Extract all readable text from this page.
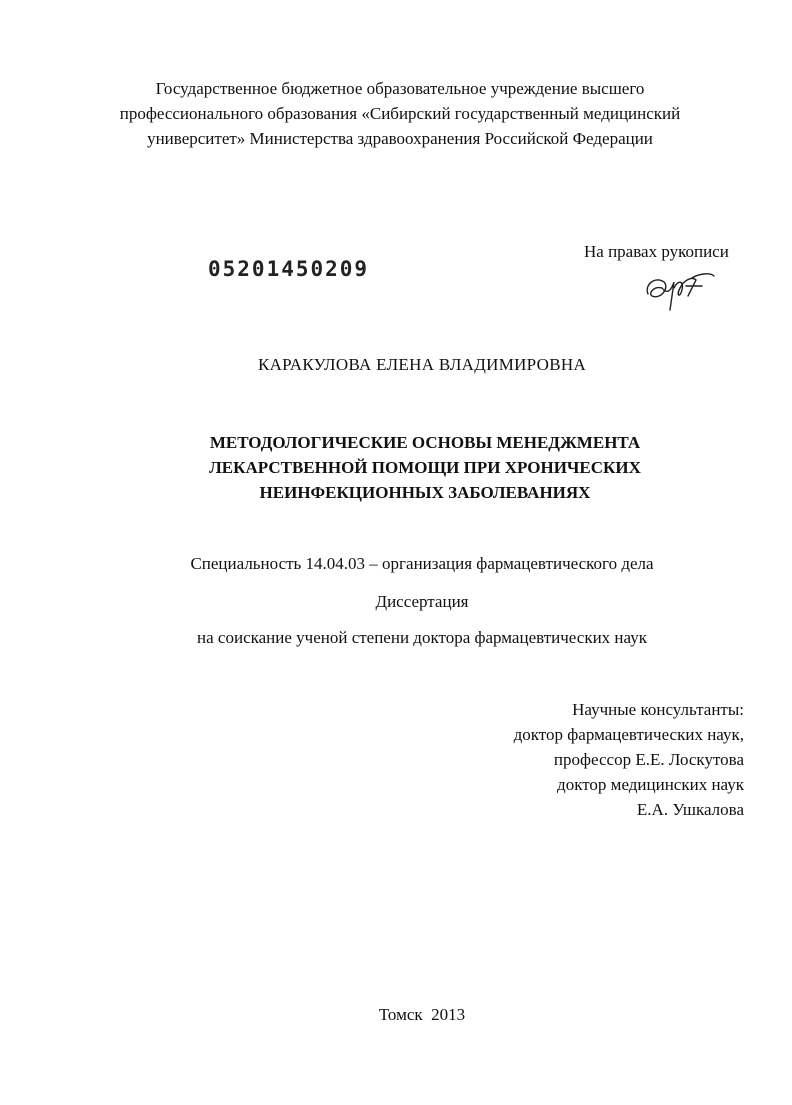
Государственное бюджетное образовательное учреждение высшего
профессионального образования «Сибирский государственный медицинский
университет» Министерства здравоохранения Российской Федерации
05201450209
На правах рукописи
КАРАКУЛОВА ЕЛЕНА ВЛАДИМИРОВНА
МЕТОДОЛОГИЧЕСКИЕ ОСНОВЫ МЕНЕДЖМЕНТА
ЛЕКАРСТВЕННОЙ ПОМОЩИ ПРИ ХРОНИЧЕСКИХ
НЕИНФЕКЦИОННЫХ ЗАБОЛЕВАНИЯХ
Специальность 14.04.03 – организация фармацевтического дела
Диссертация
на соискание ученой степени доктора фармацевтических наук
Научные консультанты:
доктор фармацевтических наук,
профессор Е.Е. Лоскутова
доктор медицинских наук
Е.А. Ушкалова
Томск  2013
